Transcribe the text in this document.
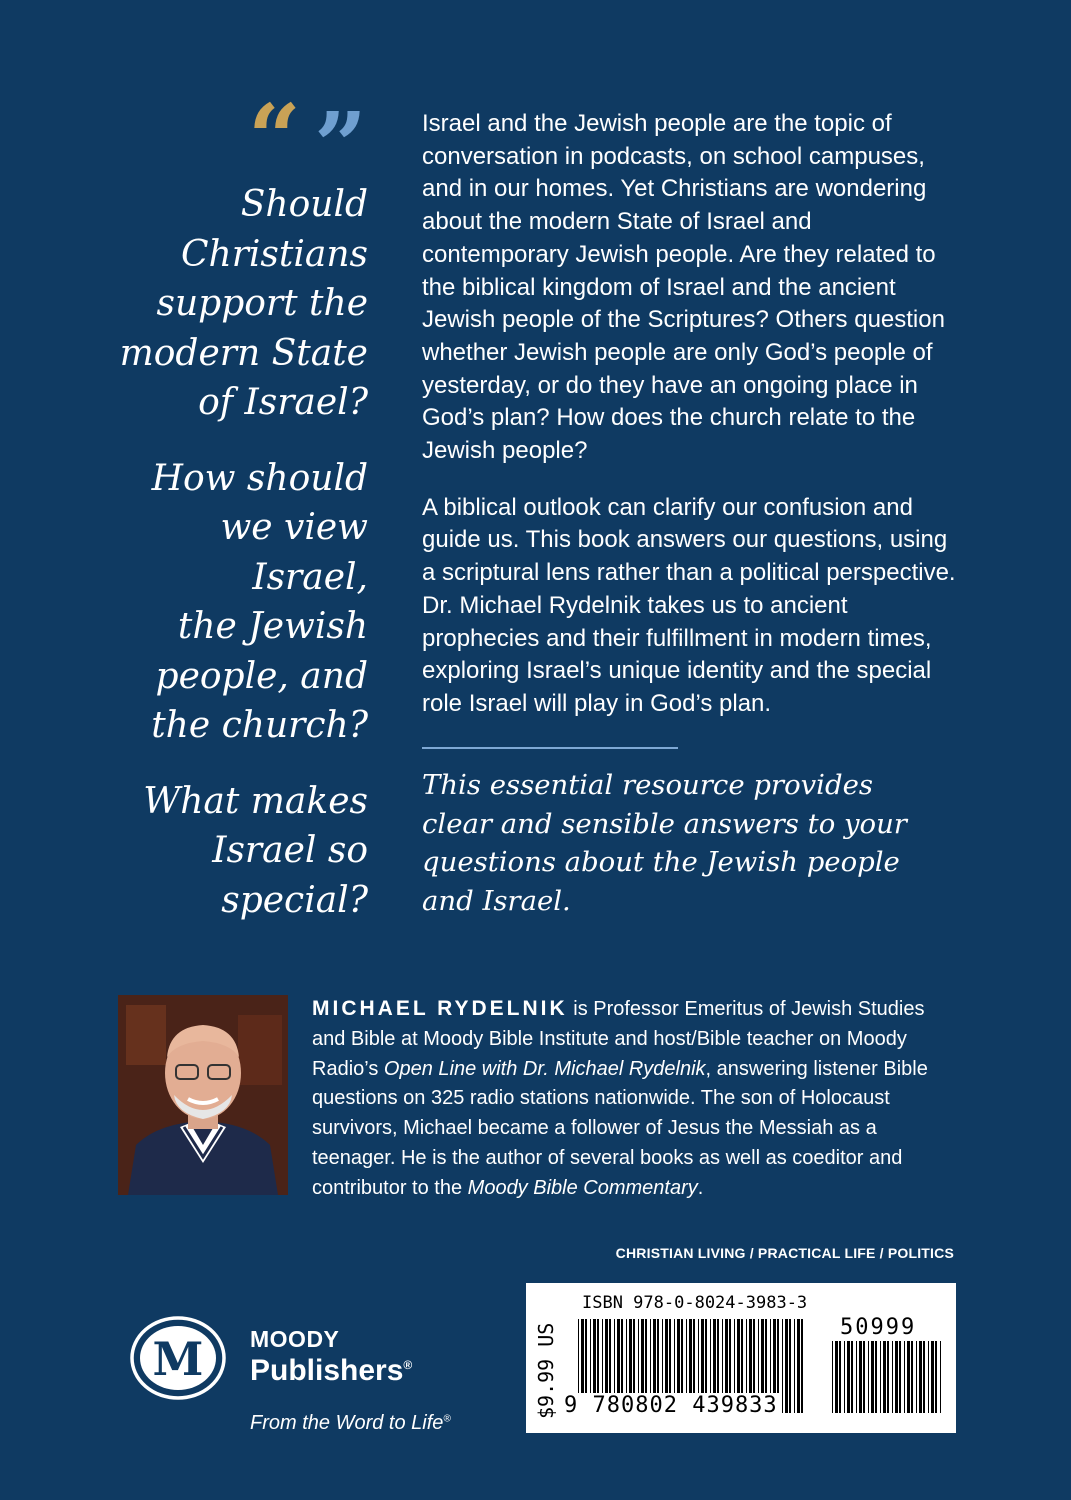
“ ”

Should
Christians
support the
modern State
of Israel?

How should
we view
Israel,
the Jewish
people, and
the church?

What makes
Israel so
special?

Israel and the Jewish people are the topic of conversation in podcasts, on school campuses, and in our homes. Yet Christians are wondering about the modern State of Israel and contemporary Jewish people. Are they related to the biblical kingdom of Israel and the ancient Jewish people of the Scriptures? Others question whether Jewish people are only God’s people of yesterday, or do they have an ongoing place in God’s plan? How does the church relate to the Jewish people?

A biblical outlook can clarify our confusion and guide us. This book answers our questions, using a scriptural lens rather than a political perspective. Dr. Michael Rydelnik takes us to ancient prophecies and their fulfillment in modern times, exploring Israel’s unique identity and the special role Israel will play in God’s plan.

This essential resource provides clear and sensible answers to your questions about the Jewish people and Israel.
MICHAEL RYDELNIK is Professor Emeritus of Jewish Studies and Bible at Moody Bible Institute and host/Bible teacher on Moody Radio’s Open Line with Dr. Michael Rydelnik, answering listener Bible questions on 325 radio stations nationwide. The son of Holocaust survivors, Michael became a follower of Jesus the Messiah as a teenager. He is the author of several books as well as coeditor and contributor to the Moody Bible Commentary.
CHRISTIAN LIVING / PRACTICAL LIFE / POLITICS
M MOODY
Publishers®
From the Word to Life®
ISBN 978-0-8024-3983-3
$9.99 US	50999
9 780802 439833
